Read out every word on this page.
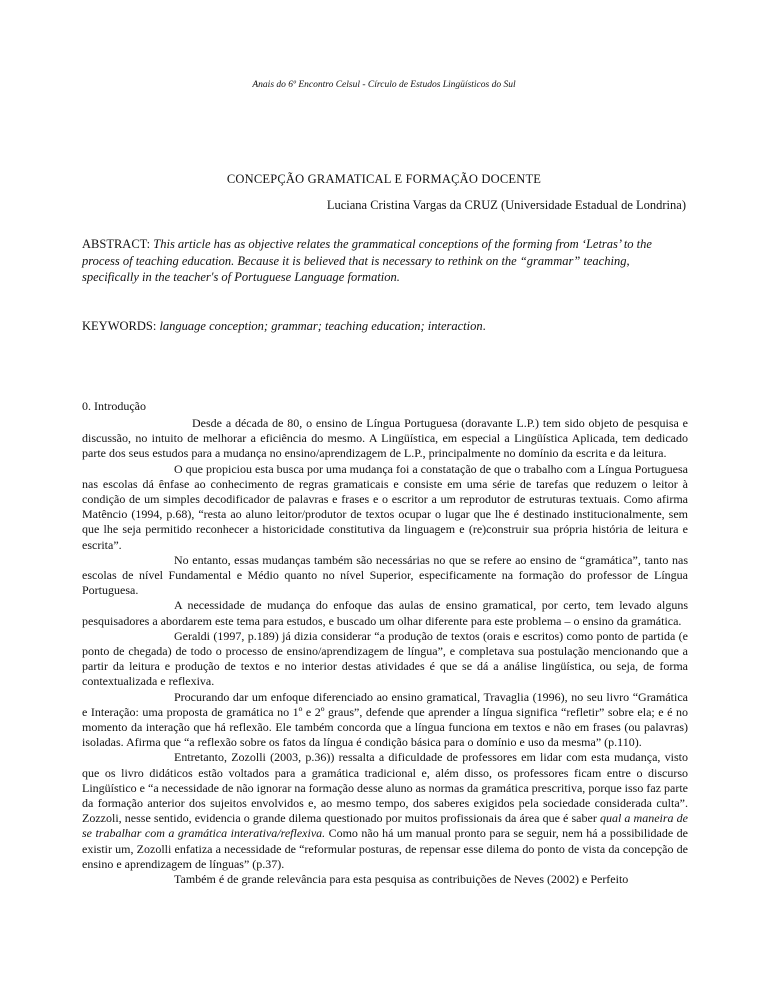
Anais do 6º Encontro Celsul - Círculo de Estudos Lingüísticos do Sul
CONCEPÇÃO GRAMATICAL E FORMAÇÃO DOCENTE
Luciana Cristina Vargas da CRUZ (Universidade Estadual de Londrina)
ABSTRACT: This article has as objective relates the grammatical conceptions of the forming from ‘Letras’ to the process of teaching education. Because it is believed that is necessary to rethink on the “grammar” teaching, specifically in the teacher's of Portuguese Language formation.
KEYWORDS: language conception; grammar; teaching education; interaction.
0. Introdução

Desde a década de 80, o ensino de Língua Portuguesa (doravante L.P.) tem sido objeto de pesquisa e discussão, no intuito de melhorar a eficiência do mesmo. A Lingüística, em especial a Lingüística Aplicada, tem dedicado parte dos seus estudos para a mudança no ensino/aprendizagem de L.P., principalmente no domínio da escrita e da leitura.

O que propiciou esta busca por uma mudança foi a constatação de que o trabalho com a Língua Portuguesa nas escolas dá ênfase ao conhecimento de regras gramaticais e consiste em uma série de tarefas que reduzem o leitor à condição de um simples decodificador de palavras e frases e o escritor a um reprodutor de estruturas textuais. Como afirma Matêncio (1994, p.68), “resta ao aluno leitor/produtor de textos ocupar o lugar que lhe é destinado institucionalmente, sem que lhe seja permitido reconhecer a historicidade constitutiva da linguagem e (re)construir sua própria história de leitura e escrita”.

No entanto, essas mudanças também são necessárias no que se refere ao ensino de “gramática”, tanto nas escolas de nível Fundamental e Médio quanto no nível Superior, especificamente na formação do professor de Língua Portuguesa.

A necessidade de mudança do enfoque das aulas de ensino gramatical, por certo, tem levado alguns pesquisadores a abordarem este tema para estudos, e buscado um olhar diferente para este problema – o ensino da gramática.

Geraldi (1997, p.189) já dizia considerar “a produção de textos (orais e escritos) como ponto de partida (e ponto de chegada) de todo o processo de ensino/aprendizagem de língua”, e completava sua postulação mencionando que a partir da leitura e produção de textos e no interior destas atividades é que se dá a análise lingüística, ou seja, de forma contextualizada e reflexiva.

Procurando dar um enfoque diferenciado ao ensino gramatical, Travaglia (1996), no seu livro “Gramática e Interação: uma proposta de gramática no 1º e 2º graus”, defende que aprender a língua significa “refletir” sobre ela; e é no momento da interação que há reflexão. Ele também concorda que a língua funciona em textos e não em frases (ou palavras) isoladas. Afirma que “a reflexão sobre os fatos da língua é condição básica para o domínio e uso da mesma” (p.110).

Entretanto, Zozolli (2003, p.36)) ressalta a dificuldade de professores em lidar com esta mudança, visto que os livro didáticos estão voltados para a gramática tradicional e, além disso, os professores ficam entre o discurso Lingüístico e “a necessidade de não ignorar na formação desse aluno as normas da gramática prescritiva, porque isso faz parte da formação anterior dos sujeitos envolvidos e, ao mesmo tempo, dos saberes exigidos pela sociedade considerada culta”. Zozzoli, nesse sentido, evidencia o grande dilema questionado por muitos profissionais da área que é saber qual a maneira de se trabalhar com a gramática interativa/reflexiva. Como não há um manual pronto para se seguir, nem há a possibilidade de existir um, Zozolli enfatiza a necessidade de “reformular posturas, de repensar esse dilema do ponto de vista da concepção de ensino e aprendizagem de línguas” (p.37).

Também é de grande relevância para esta pesquisa as contribuições de Neves (2002) e Perfeito
